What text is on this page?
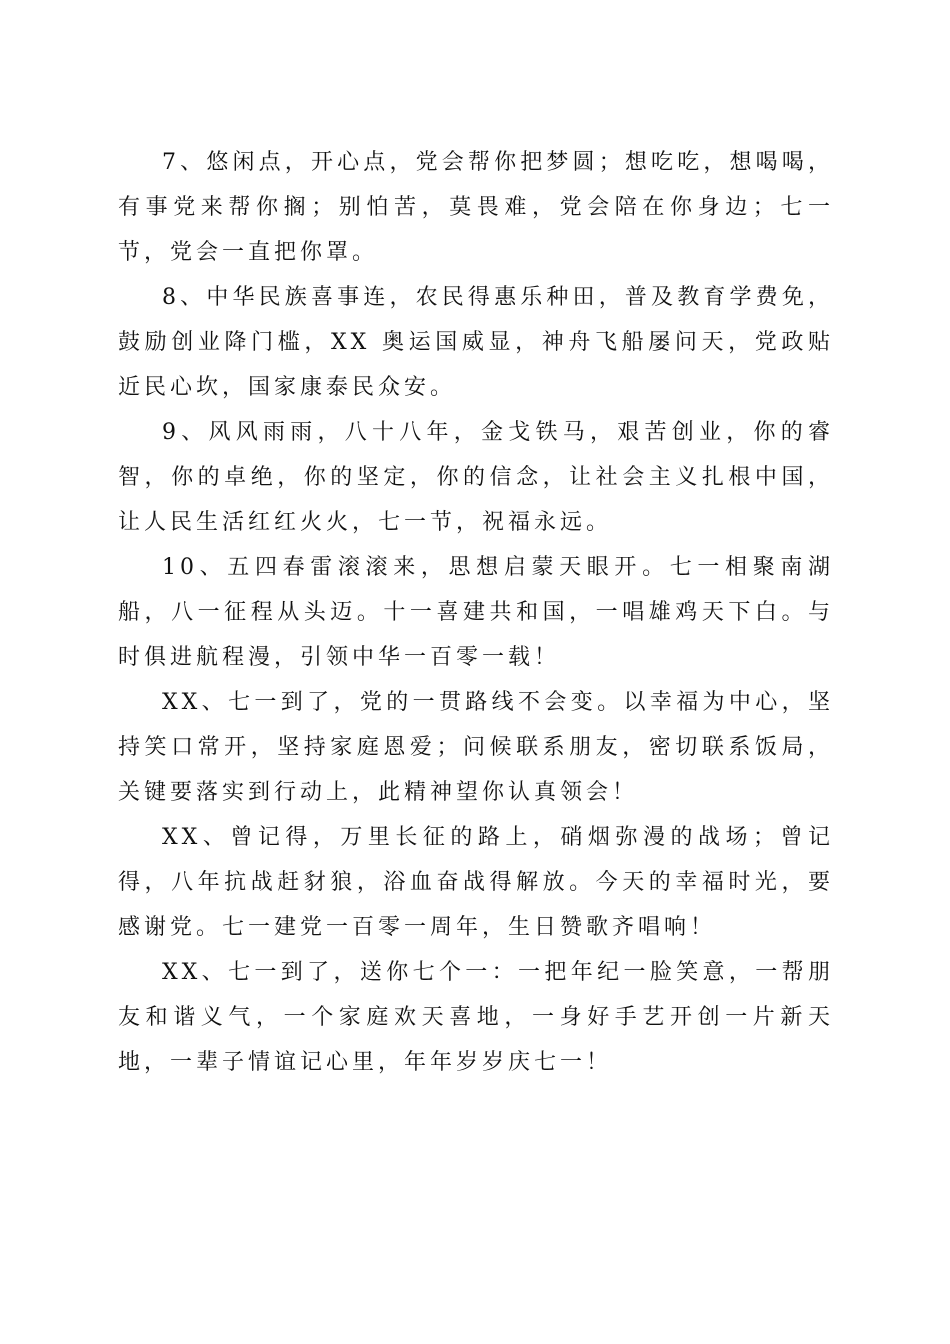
7、悠闲点，开心点，党会帮你把梦圆；想吃吃，想喝喝，有事党来帮你搁；别怕苦，莫畏难，党会陪在你身边；七一节，党会一直把你罩。

8、中华民族喜事连，农民得惠乐种田，普及教育学费免，鼓励创业降门槛，XX 奥运国威显，神舟飞船屡问天，党政贴近民心坎，国家康泰民众安。

9、风风雨雨，八十八年，金戈铁马，艰苦创业，你的睿智，你的卓绝，你的坚定，你的信念，让社会主义扎根中国，让人民生活红红火火，七一节，祝福永远。

10、五四春雷滚滚来，思想启蒙天眼开。七一相聚南湖船，八一征程从头迈。十一喜建共和国，一唱雄鸡天下白。与时俱进航程漫，引领中华一百零一载！

XX、七一到了，党的一贯路线不会变。以幸福为中心，坚持笑口常开，坚持家庭恩爱；问候联系朋友，密切联系饭局，关键要落实到行动上，此精神望你认真领会！

XX、曾记得，万里长征的路上，硝烟弥漫的战场；曾记得，八年抗战赶豺狼，浴血奋战得解放。今天的幸福时光，要感谢党。七一建党一百零一周年，生日赞歌齐唱响！

XX、七一到了，送你七个一：一把年纪一脸笑意，一帮朋友和谐义气，一个家庭欢天喜地，一身好手艺开创一片新天地，一辈子情谊记心里，年年岁岁庆七一！
